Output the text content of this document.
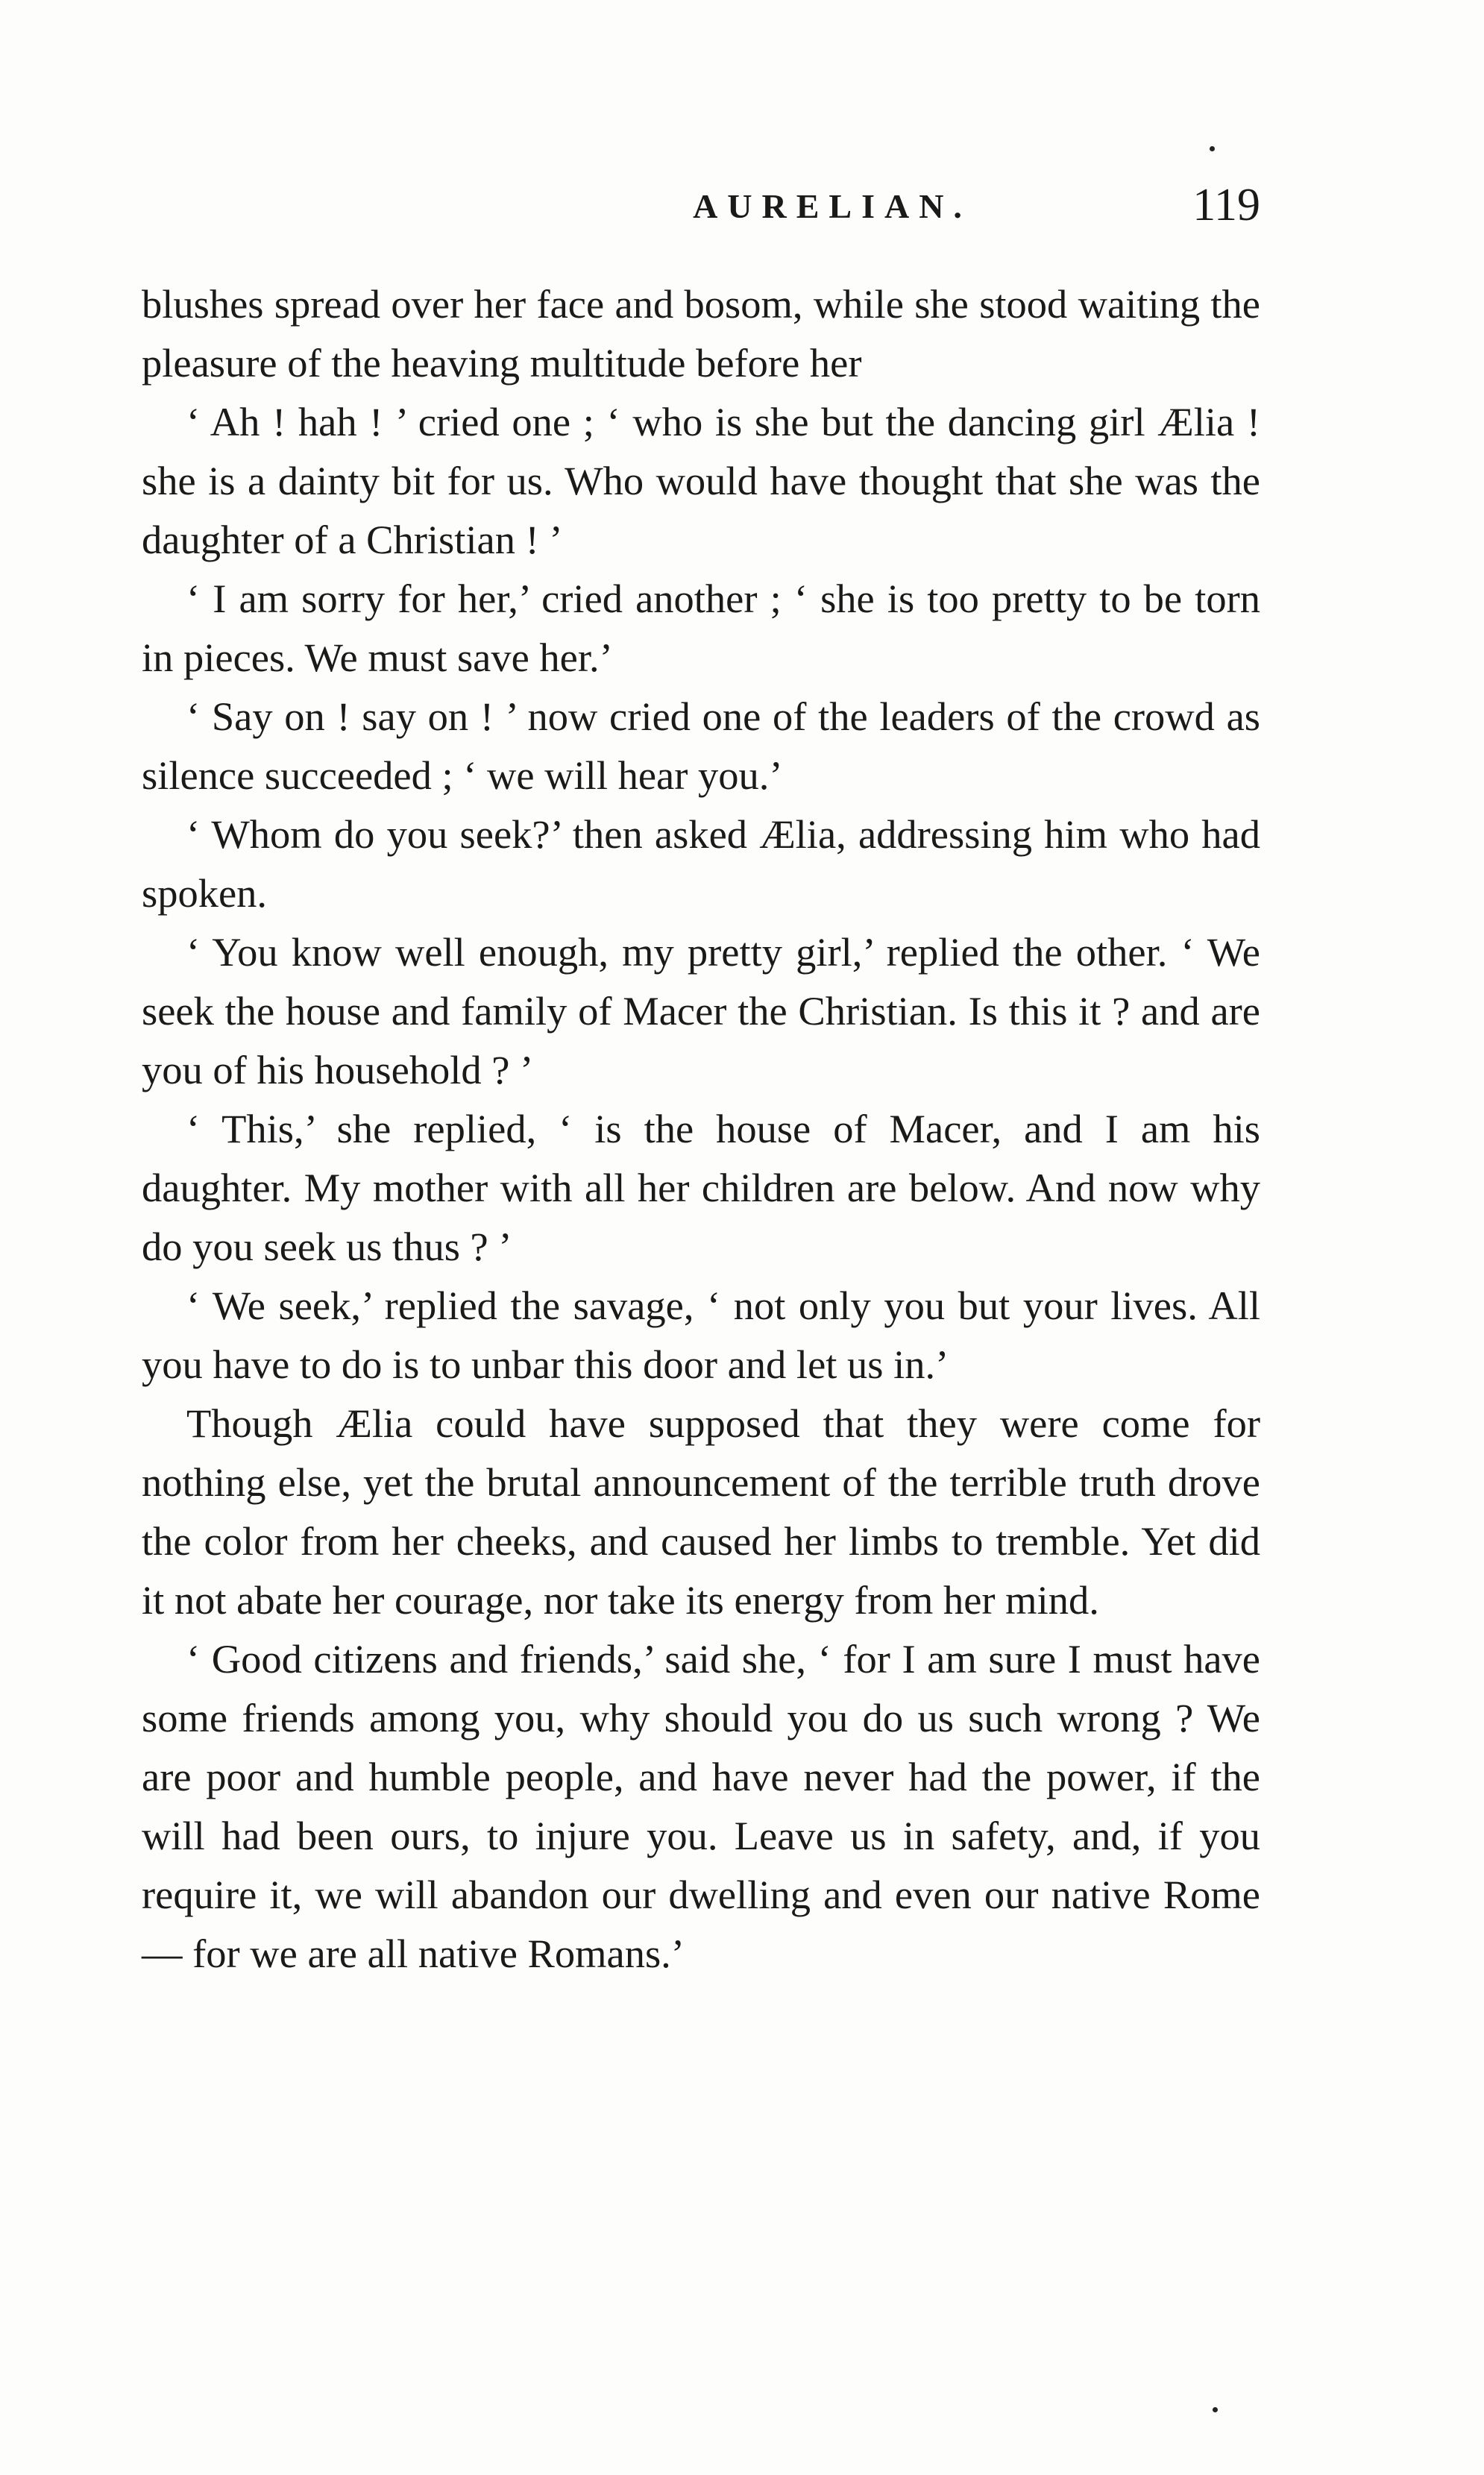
AURELIAN.	119

blushes spread over her face and bosom, while she stood waiting the pleasure of the heaving multitude before her

‘ Ah ! hah ! ’ cried one ; ‘ who is she but the dancing girl Ælia ! she is a dainty bit for us. Who would have thought that she was the daughter of a Christian ! ’

‘ I am sorry for her,’ cried another ; ‘ she is too pretty to be torn in pieces. We must save her.’

‘ Say on ! say on ! ’ now cried one of the leaders of the crowd as silence succeeded ; ‘ we will hear you.’

‘ Whom do you seek?’ then asked Ælia, addressing him who had spoken.

‘ You know well enough, my pretty girl,’ replied the other. ‘ We seek the house and family of Macer the Christian. Is this it ? and are you of his household ? ’

‘ This,’ she replied, ‘ is the house of Macer, and I am his daughter. My mother with all her children are below. And now why do you seek us thus ? ’

‘ We seek,’ replied the savage, ‘ not only you but your lives. All you have to do is to unbar this door and let us in.’

Though Ælia could have supposed that they were come for nothing else, yet the brutal announcement of the terrible truth drove the color from her cheeks, and caused her limbs to tremble. Yet did it not abate her courage, nor take its energy from her mind.

‘ Good citizens and friends,’ said she, ‘ for I am sure I must have some friends among you, why should you do us such wrong ? We are poor and humble people, and have never had the power, if the will had been ours, to injure you. Leave us in safety, and, if you require it, we will abandon our dwelling and even our native Rome — for we are all native Romans.’
